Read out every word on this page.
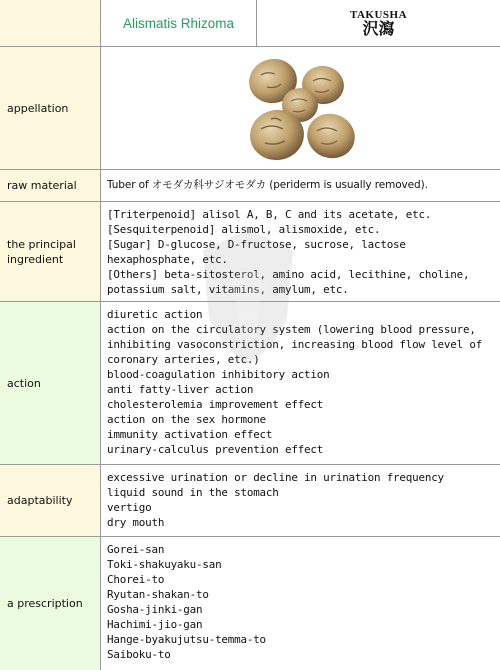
Alismatis Rhizoma
TAKUSHA
沢瀉
appellation
raw material	Tuber of オモダカ科サジオモダカ (periderm is usually removed).
the principal
ingredient
[Triterpenoid] alisol A, B, C and its acetate, etc.
[Sesquiterpenoid] alismol, alismoxide, etc.
[Sugar] D-glucose, D-fructose, sucrose, lactose
hexaphosphate, etc.
[Others] beta-sitosterol, amino acid, lecithine, choline,
potassium salt, vitamins, amylum, etc.
action
diuretic action
action on the circulatory system (lowering blood pressure,
inhibiting vasoconstriction, increasing blood flow level of
coronary arteries, etc.)
blood-coagulation inhibitory action
anti fatty-liver action
cholesterolemia improvement effect
action on the sex hormone
immunity activation effect
urinary-calculus prevention effect
adaptability
excessive urination or decline in urination frequency
liquid sound in the stomach
vertigo
dry mouth
a prescription
Gorei-san
Toki-shakuyaku-san
Chorei-to
Ryutan-shakan-to
Gosha-jinki-gan
Hachimi-jio-gan
Hange-byakujutsu-temma-to
Saiboku-to
